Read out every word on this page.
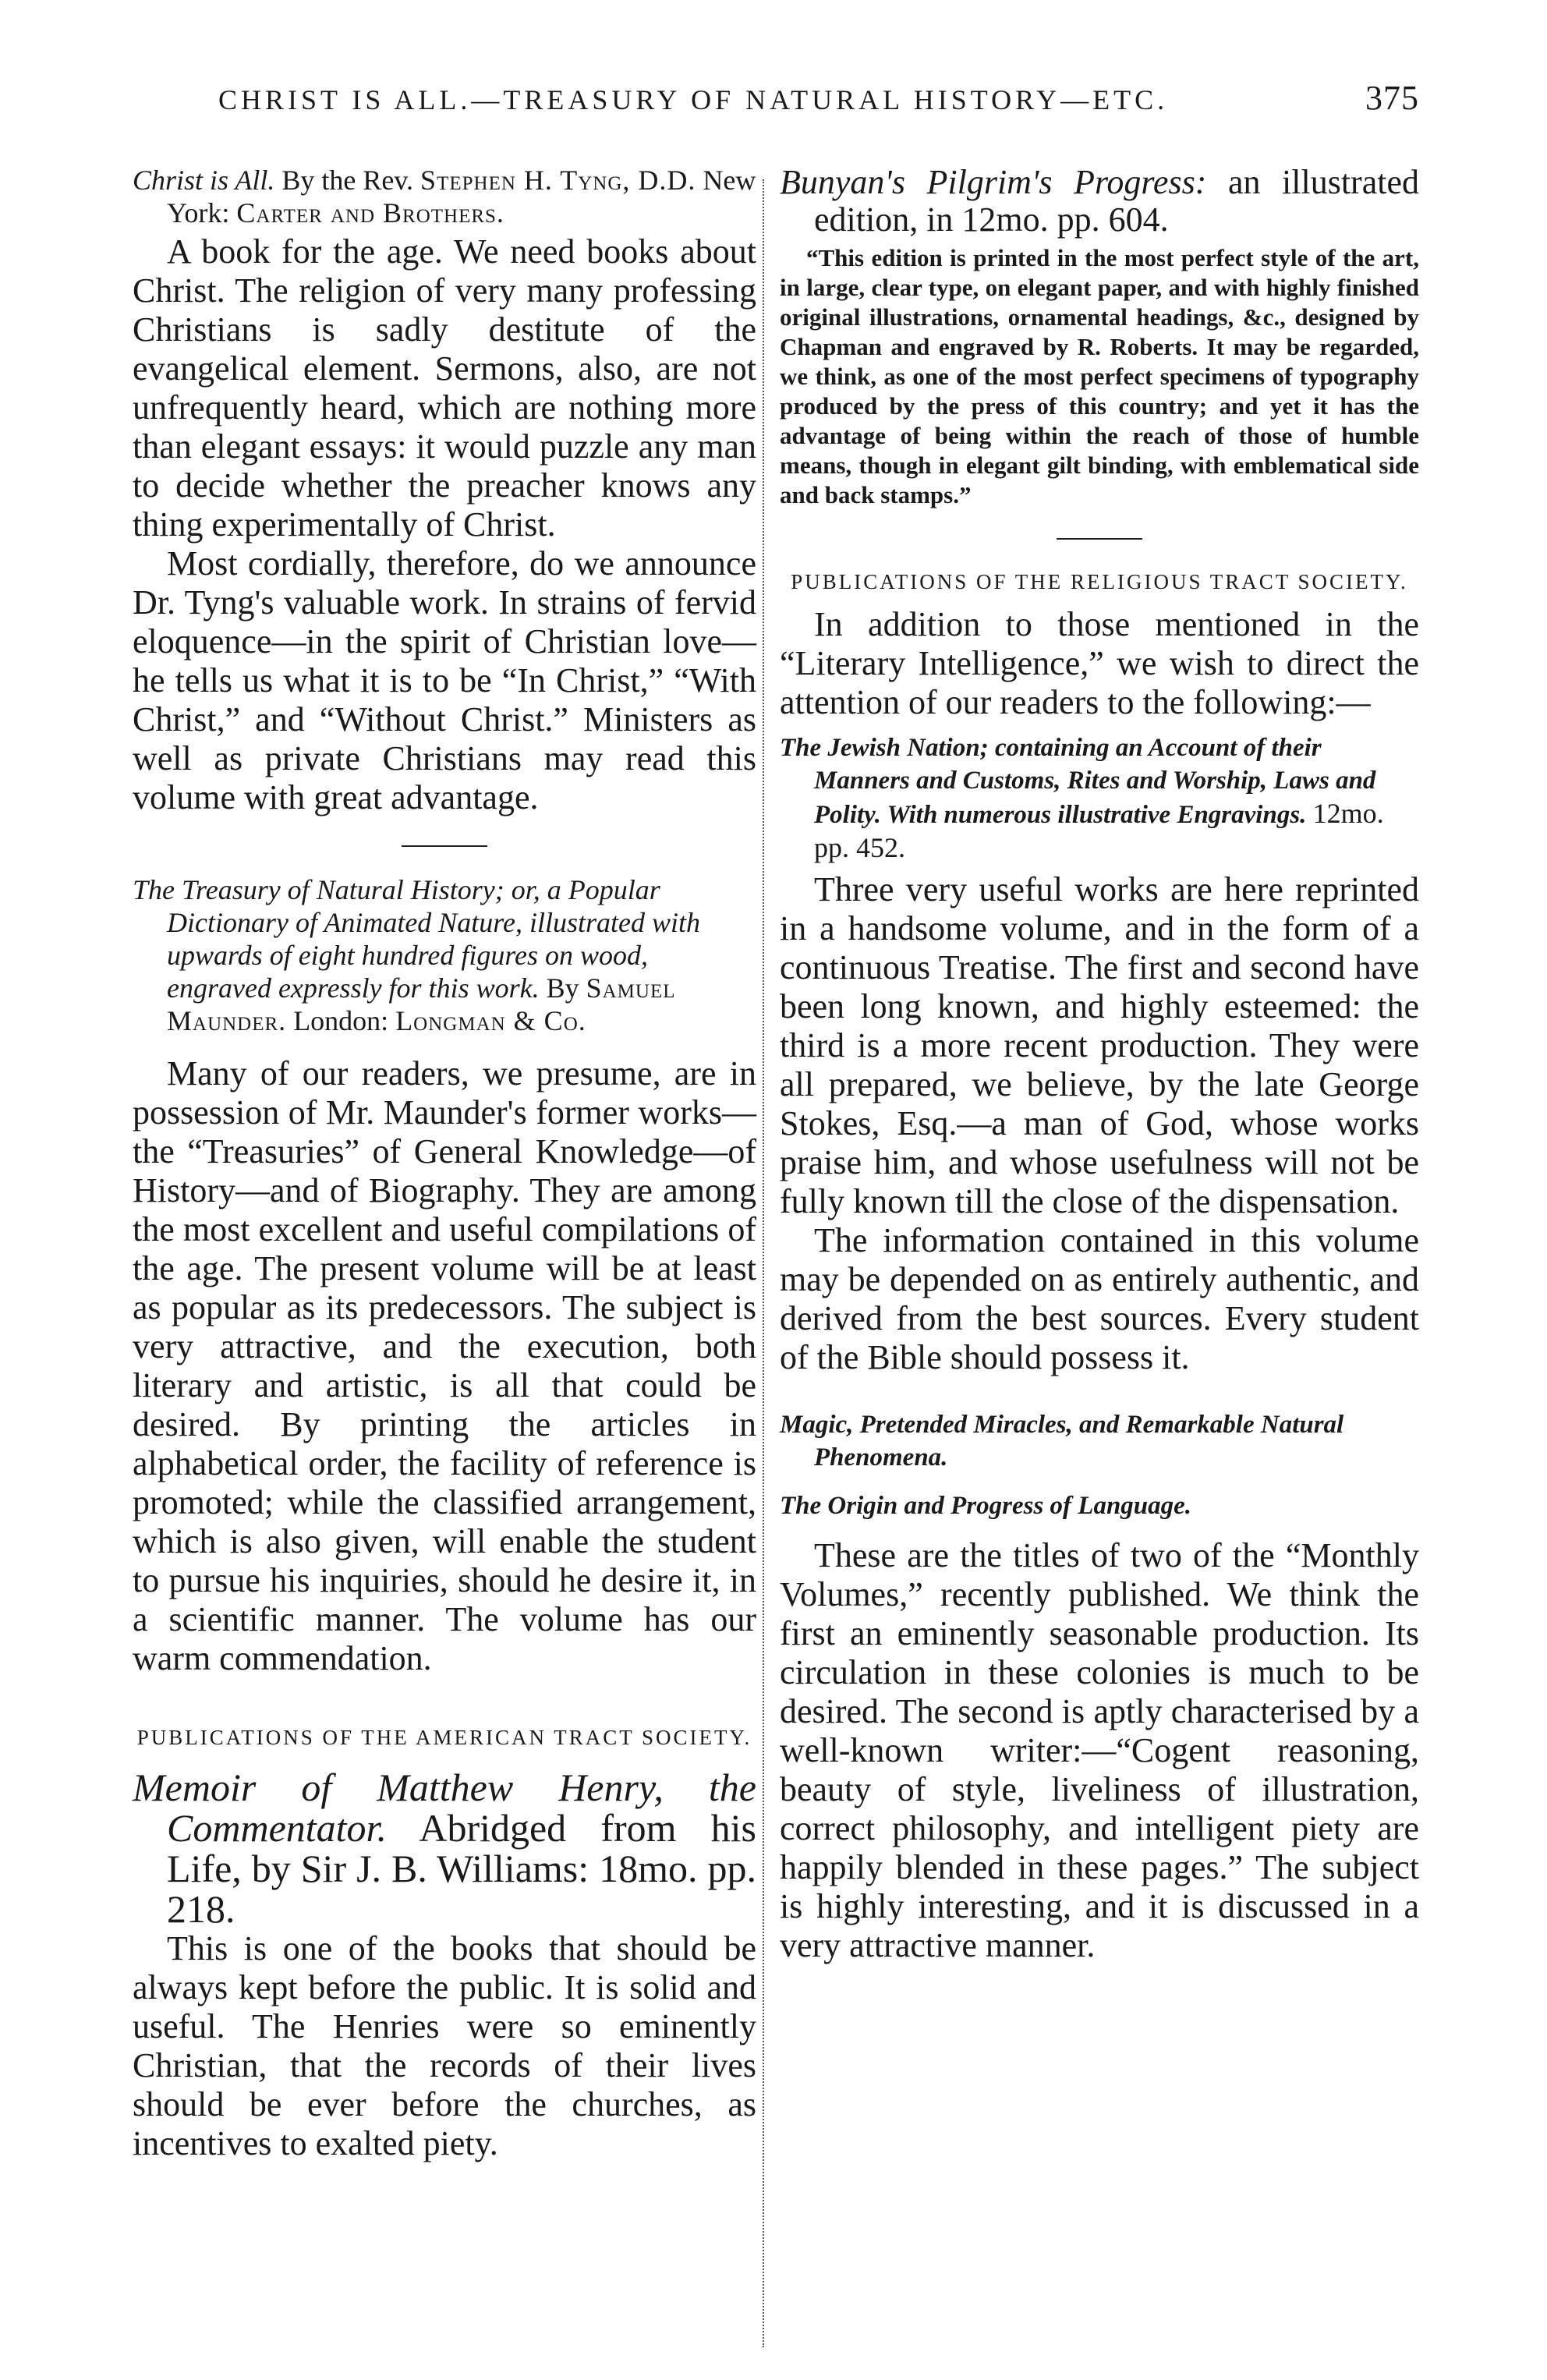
CHRIST IS ALL.—TREASURY OF NATURAL HISTORY—ETC.	375

Christ is All. By the Rev. Stephen H. Tyng, D.D. New York: Carter and Brothers.

A book for the age. We need books about Christ. The religion of very many professing Christians is sadly destitute of the evangelical element. Sermons, also, are not unfrequently heard, which are nothing more than elegant essays: it would puzzle any man to decide whether the preacher knows any thing experimentally of Christ.

Most cordially, therefore, do we announce Dr. Tyng's valuable work. In strains of fervid eloquence—in the spirit of Christian love—he tells us what it is to be “In Christ,” “With Christ,” and “Without Christ.” Ministers as well as private Christians may read this volume with great advantage.

The Treasury of Natural History; or, a Popular Dictionary of Animated Nature, illustrated with upwards of eight hundred figures on wood, engraved expressly for this work. By Samuel Maunder. London: Longman & Co.

Many of our readers, we presume, are in possession of Mr. Maunder's former works—the “Treasuries” of General Knowledge—of History—and of Biography. They are among the most excellent and useful compilations of the age. The present volume will be at least as popular as its predecessors. The subject is very attractive, and the execution, both literary and artistic, is all that could be desired. By printing the articles in alphabetical order, the facility of reference is promoted; while the classified arrangement, which is also given, will enable the student to pursue his inquiries, should he desire it, in a scientific manner. The volume has our warm commendation.

PUBLICATIONS OF THE AMERICAN TRACT SOCIETY.

Memoir of Matthew Henry, the Commentator. Abridged from his Life, by Sir J. B. Williams: 18mo. pp. 218.

This is one of the books that should be always kept before the public. It is solid and useful. The Henries were so eminently Christian, that the records of their lives should be ever before the churches, as incentives to exalted piety.

Bunyan's Pilgrim's Progress: an illustrated edition, in 12mo. pp. 604.

“This edition is printed in the most perfect style of the art, in large, clear type, on elegant paper, and with highly finished original illustrations, ornamental headings, &c., designed by Chapman and engraved by R. Roberts. It may be regarded, we think, as one of the most perfect specimens of typography produced by the press of this country; and yet it has the advantage of being within the reach of those of humble means, though in elegant gilt binding, with emblematical side and back stamps.”

PUBLICATIONS OF THE RELIGIOUS TRACT SOCIETY.

In addition to those mentioned in the “Literary Intelligence,” we wish to direct the attention of our readers to the following:—

The Jewish Nation; containing an Account of their Manners and Customs, Rites and Worship, Laws and Polity. With numerous illustrative Engravings. 12mo. pp. 452.

Three very useful works are here reprinted in a handsome volume, and in the form of a continuous Treatise. The first and second have been long known, and highly esteemed: the third is a more recent production. They were all prepared, we believe, by the late George Stokes, Esq.—a man of God, whose works praise him, and whose usefulness will not be fully known till the close of the dispensation.

The information contained in this volume may be depended on as entirely authentic, and derived from the best sources. Every student of the Bible should possess it.

Magic, Pretended Miracles, and Remarkable Natural Phenomena.

The Origin and Progress of Language.

These are the titles of two of the “Monthly Volumes,” recently published. We think the first an eminently seasonable production. Its circulation in these colonies is much to be desired. The second is aptly characterised by a well-known writer:—“Cogent reasoning, beauty of style, liveliness of illustration, correct philosophy, and intelligent piety are happily blended in these pages.” The subject is highly interesting, and it is discussed in a very attractive manner.
